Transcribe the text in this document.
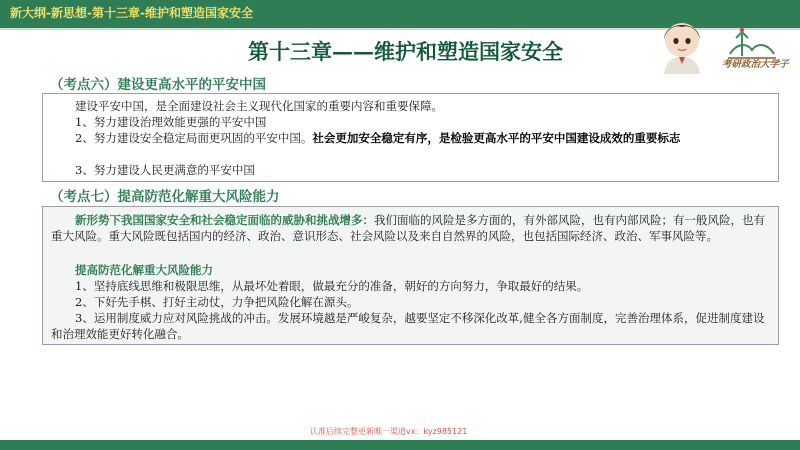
新大纲-新思想-第十三章-维护和塑造国家安全
第十三章——维护和塑造国家安全
考研政治大学子
（考点六）建设更高水平的平安中国
建设平安中国，是全面建设社会主义现代化国家的重要内容和重要保障。
1、努力建设治理效能更强的平安中国
2、努力建设安全稳定局面更巩固的平安中国。社会更加安全稳定有序，是检验更高水平的平安中国建设成效的重要标志
3、努力建设人民更满意的平安中国
（考点七）提高防范化解重大风险能力
新形势下我国国家安全和社会稳定面临的威胁和挑战增多：我们面临的风险是多方面的，有外部风险，也有内部风险；有一般风险，也有重大风险。重大风险既包括国内的经济、政治、意识形态、社会风险以及来自自然界的风险，也包括国际经济、政治、军事风险等。
提高防范化解重大风险能力
1、坚持底线思维和极限思维，从最坏处着眼，做最充分的准备，朝好的方向努力，争取最好的结果。
2、下好先手棋、打好主动仗，力争把风险化解在源头。
3、运用制度威力应对风险挑战的冲击。发展环境越是严峻复杂，越要坚定不移深化改革,健全各方面制度，完善治理体系，促进制度建设和治理效能更好转化融合。
认准后续完整更新唯一渠道vx：kyz985121
